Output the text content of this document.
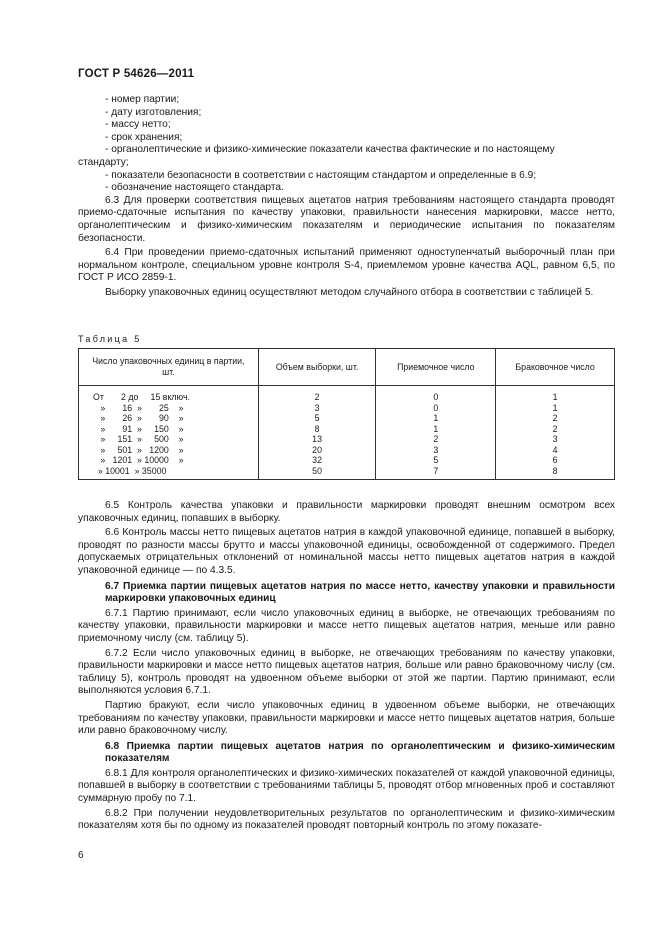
ГОСТ Р 54626—2011
- номер партии;
- дату изготовления;
- массу нетто;
- срок хранения;
- органолептические и физико-химические показатели качества фактические и по настоящему
стандарту;
- показатели безопасности в соответствии с настоящим стандартом и определенные в 6.9;
- обозначение настоящего стандарта.

6.3 Для проверки соответствия пищевых ацетатов натрия требованиям настоящего стандарта проводят приемо-сдаточные испытания по качеству упаковки, правильности нанесения маркировки, массе нетто, органолептическим и физико-химическим показателям и периодические испытания по показателям безопасности.

6.4 При проведении приемо-сдаточных испытаний применяют одноступенчатый выборочный план при нормальном контроле, специальном уровне контроля S-4, приемлемом уровне качества AQL, равном 6,5, по ГОСТ Р ИСО 2859-1.

Выборку упаковочных единиц осуществляют методом случайного отбора в соответствии с таблицей 5.

Таблица 5
Число упаковочных единиц в партии, шт.	Объем выборки, шт.	Приемочное число	Браковочное число
От       2 до     15 включ.	2	0	1
»       16  »       25    »	3	0	1
»       26  »       90    »	5	1	2
»       91  »     150    »	8	1	2
»     151  »     500    »	13	2	3
»     501  »   1200    »	20	3	4
»   1201  » 10000    »	32	5	6
» 10001  » 35000	50	7	8

6.5 Контроль качества упаковки и правильности маркировки проводят внешним осмотром всех упаковочных единиц, попавших в выборку.

6.6 Контроль массы нетто пищевых ацетатов натрия в каждой упаковочной единице, попавшей в выборку, проводят по разности массы брутто и массы упаковочной единицы, освобожденной от содержимого. Предел допускаемых отрицательных отклонений от номинальной массы нетто пищевых ацетатов натрия в каждой упаковочной единице — по 4.3.5.

6.7 Приемка партии пищевых ацетатов натрия по массе нетто, качеству упаковки и правильности маркировки упаковочных единиц

6.7.1 Партию принимают, если число упаковочных единиц в выборке, не отвечающих требованиям по качеству упаковки, правильности маркировки и массе нетто пищевых ацетатов натрия, меньше или равно приемочному числу (см. таблицу 5).

6.7.2 Если число упаковочных единиц в выборке, не отвечающих требованиям по качеству упаковки, правильности маркировки и массе нетто пищевых ацетатов натрия, больше или равно браковочному числу (см. таблицу 5), контроль проводят на удвоенном объеме выборки от этой же партии. Партию принимают, если выполняются условия 6.7.1.

Партию бракуют, если число упаковочных единиц в удвоенном объеме выборки, не отвечающих требованиям по качеству упаковки, правильности маркировки и массе нетто пищевых ацетатов натрия, больше или равно браковочному числу.

6.8 Приемка партии пищевых ацетатов натрия по органолептическим и физико-химическим показателям

6.8.1 Для контроля органолептических и физико-химических показателей от каждой упаковочной единицы, попавшей в выборку в соответствии с требованиями таблицы 5, проводят отбор мгновенных проб и составляют суммарную пробу по 7.1.

6.8.2 При получении неудовлетворительных результатов по органолептическим и физико-химическим показателям хотя бы по одному из показателей проводят повторный контроль по этому показате-

6
